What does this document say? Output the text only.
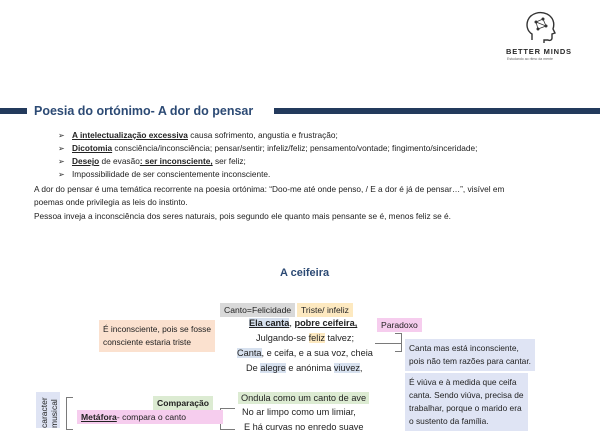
BETTER MINDS
Estudando ao ritmo da mente
Poesia do ortónimo- A dor do pensar
➢ A intelectualização excessiva causa sofrimento, angustia e frustração;
➢ Dicotomia consciência/inconsciência; pensar/sentir; infeliz/feliz; pensamento/vontade; fingimento/sinceridade;
➢ Desejo de evasão: ser inconsciente, ser feliz;
➢ Impossibilidade de ser conscientemente inconsciente.
A dor do pensar é uma temática recorrente na poesia ortónima: “Doo-me até onde penso, / E a dor é já de pensar…”, visível em
poemas onde privilegia as leis do instinto.
Pessoa inveja a inconsciência dos seres naturais, pois segundo ele quanto mais pensante se é, menos feliz se é.
A ceifeira
Canto=Felicidade	Triste/ infeliz
Paradoxo
É inconsciente, pois se fosse
consciente estaria triste
Ela canta, pobre ceifeira,
Julgando-se feliz talvez;
Canta, e ceifa, e a sua voz, cheia
De alegre e anónima viuvez,
Ondula como um canto de ave
No ar limpo como um limiar,
E há curvas no enredo suave
Canta mas está inconsciente,
pois não tem razões para cantar.
É viúva e à medida que ceifa
canta. Sendo viúva, precisa de
trabalhar, porque o marido era
o sustento da família.
Comparação
Metáfora- compara o canto
caracter musical
